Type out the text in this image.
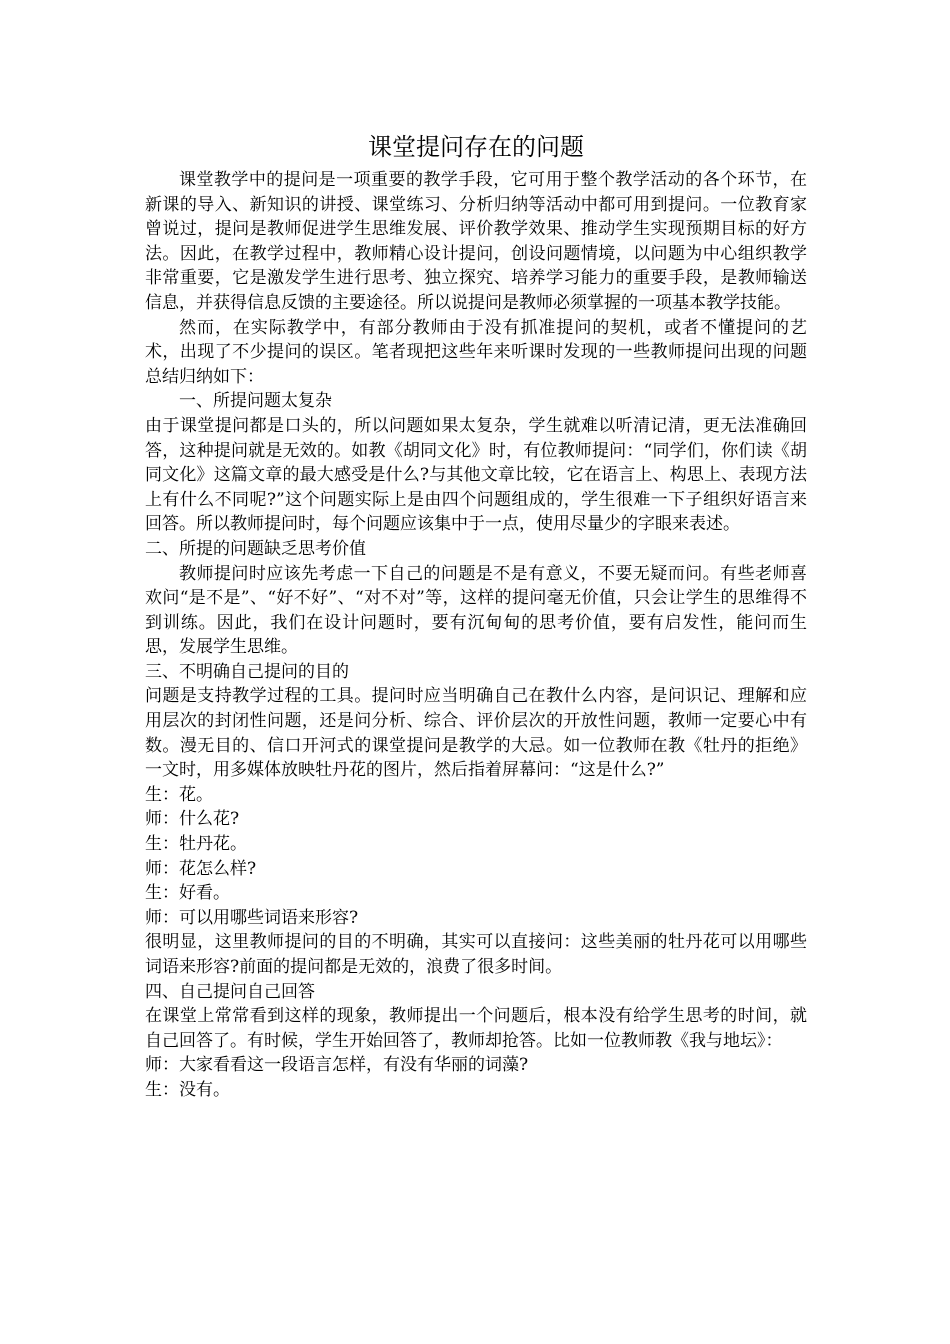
课堂提问存在的问题

课堂教学中的提问是一项重要的教学手段，它可用于整个教学活动的各个环节，在新课的导入、新知识的讲授、课堂练习、分析归纳等活动中都可用到提问。一位教育家曾说过，提问是教师促进学生思维发展、评价教学效果、推动学生实现预期目标的好方法。因此，在教学过程中，教师精心设计提问，创设问题情境，以问题为中心组织教学非常重要，它是激发学生进行思考、独立探究、培养学习能力的重要手段，是教师输送信息，并获得信息反馈的主要途径。所以说提问是教师必须掌握的一项基本教学技能。

然而，在实际教学中，有部分教师由于没有抓准提问的契机，或者不懂提问的艺术，出现了不少提问的误区。笔者现把这些年来听课时发现的一些教师提问出现的问题总结归纳如下：

一、所提问题太复杂

由于课堂提问都是口头的，所以问题如果太复杂，学生就难以听清记清，更无法准确回答，这种提问就是无效的。如教《胡同文化》时，有位教师提问：“同学们，你们读《胡同文化》这篇文章的最大感受是什么?与其他文章比较，它在语言上、构思上、表现方法上有什么不同呢?”这个问题实际上是由四个问题组成的，学生很难一下子组织好语言来回答。所以教师提问时，每个问题应该集中于一点，使用尽量少的字眼来表述。

二、所提的问题缺乏思考价值

教师提问时应该先考虑一下自己的问题是不是有意义，不要无疑而问。有些老师喜欢问“是不是”、“好不好”、“对不对”等，这样的提问毫无价值，只会让学生的思维得不到训练。因此，我们在设计问题时，要有沉甸甸的思考价值，要有启发性，能问而生思，发展学生思维。

三、不明确自己提问的目的

问题是支持教学过程的工具。提问时应当明确自己在教什么内容，是问识记、理解和应用层次的封闭性问题，还是问分析、综合、评价层次的开放性问题，教师一定要心中有数。漫无目的、信口开河式的课堂提问是教学的大忌。如一位教师在教《牡丹的拒绝》一文时，用多媒体放映牡丹花的图片，然后指着屏幕问：“这是什么?”

生：花。

师：什么花?

生：牡丹花。

师：花怎么样?

生：好看。

师：可以用哪些词语来形容?

很明显，这里教师提问的目的不明确，其实可以直接问：这些美丽的牡丹花可以用哪些词语来形容?前面的提问都是无效的，浪费了很多时间。

四、自己提问自己回答

在课堂上常常看到这样的现象，教师提出一个问题后，根本没有给学生思考的时间，就自己回答了。有时候，学生开始回答了，教师却抢答。比如一位教师教《我与地坛》：

师：大家看看这一段语言怎样，有没有华丽的词藻?

生：没有。
